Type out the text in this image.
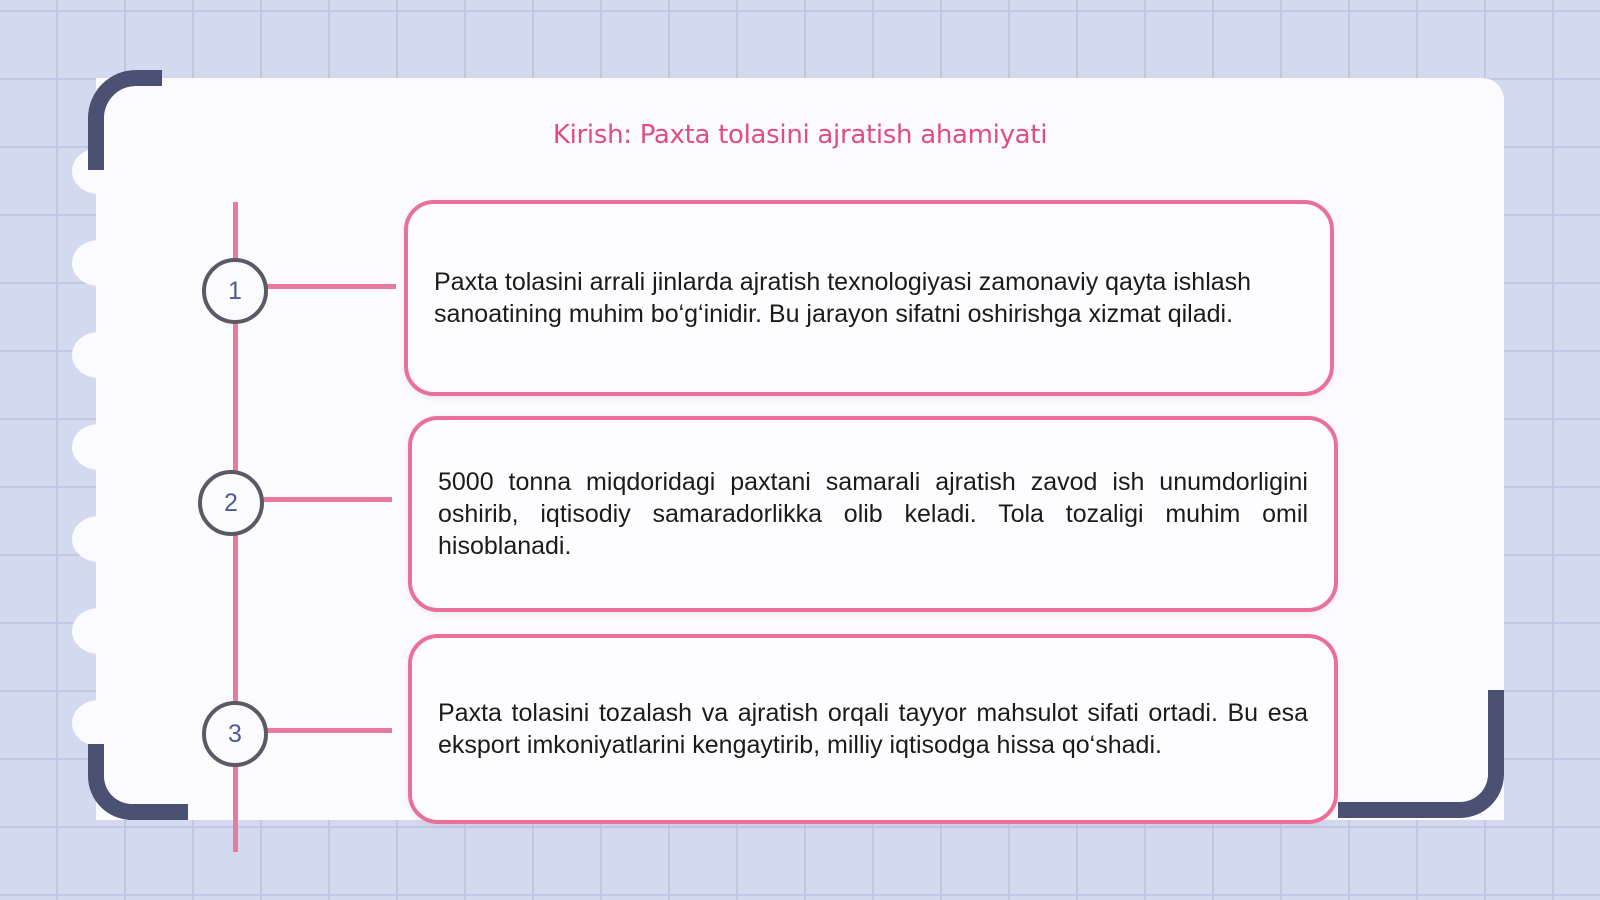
Kirish: Paxta tolasini ajratish ahamiyati
1	Paxta tolasini arrali jinlarda ajratish texnologiyasi zamonaviy qayta ishlash sanoatining muhim bo‘g‘inidir. Bu jarayon sifatni oshirishga xizmat qiladi.

2

5000 tonna miqdoridagi paxtani samarali ajratish zavod ish unumdorligini oshirib, iqtisodiy samaradorlikka olib keladi. Tola tozaligi muhim omil hisoblanadi.

3

Paxta tolasini tozalash va ajratish orqali tayyor mahsulot sifati ortadi. Bu esa eksport imkoniyatlarini kengaytirib, milliy iqtisodga hissa qo‘shadi.
